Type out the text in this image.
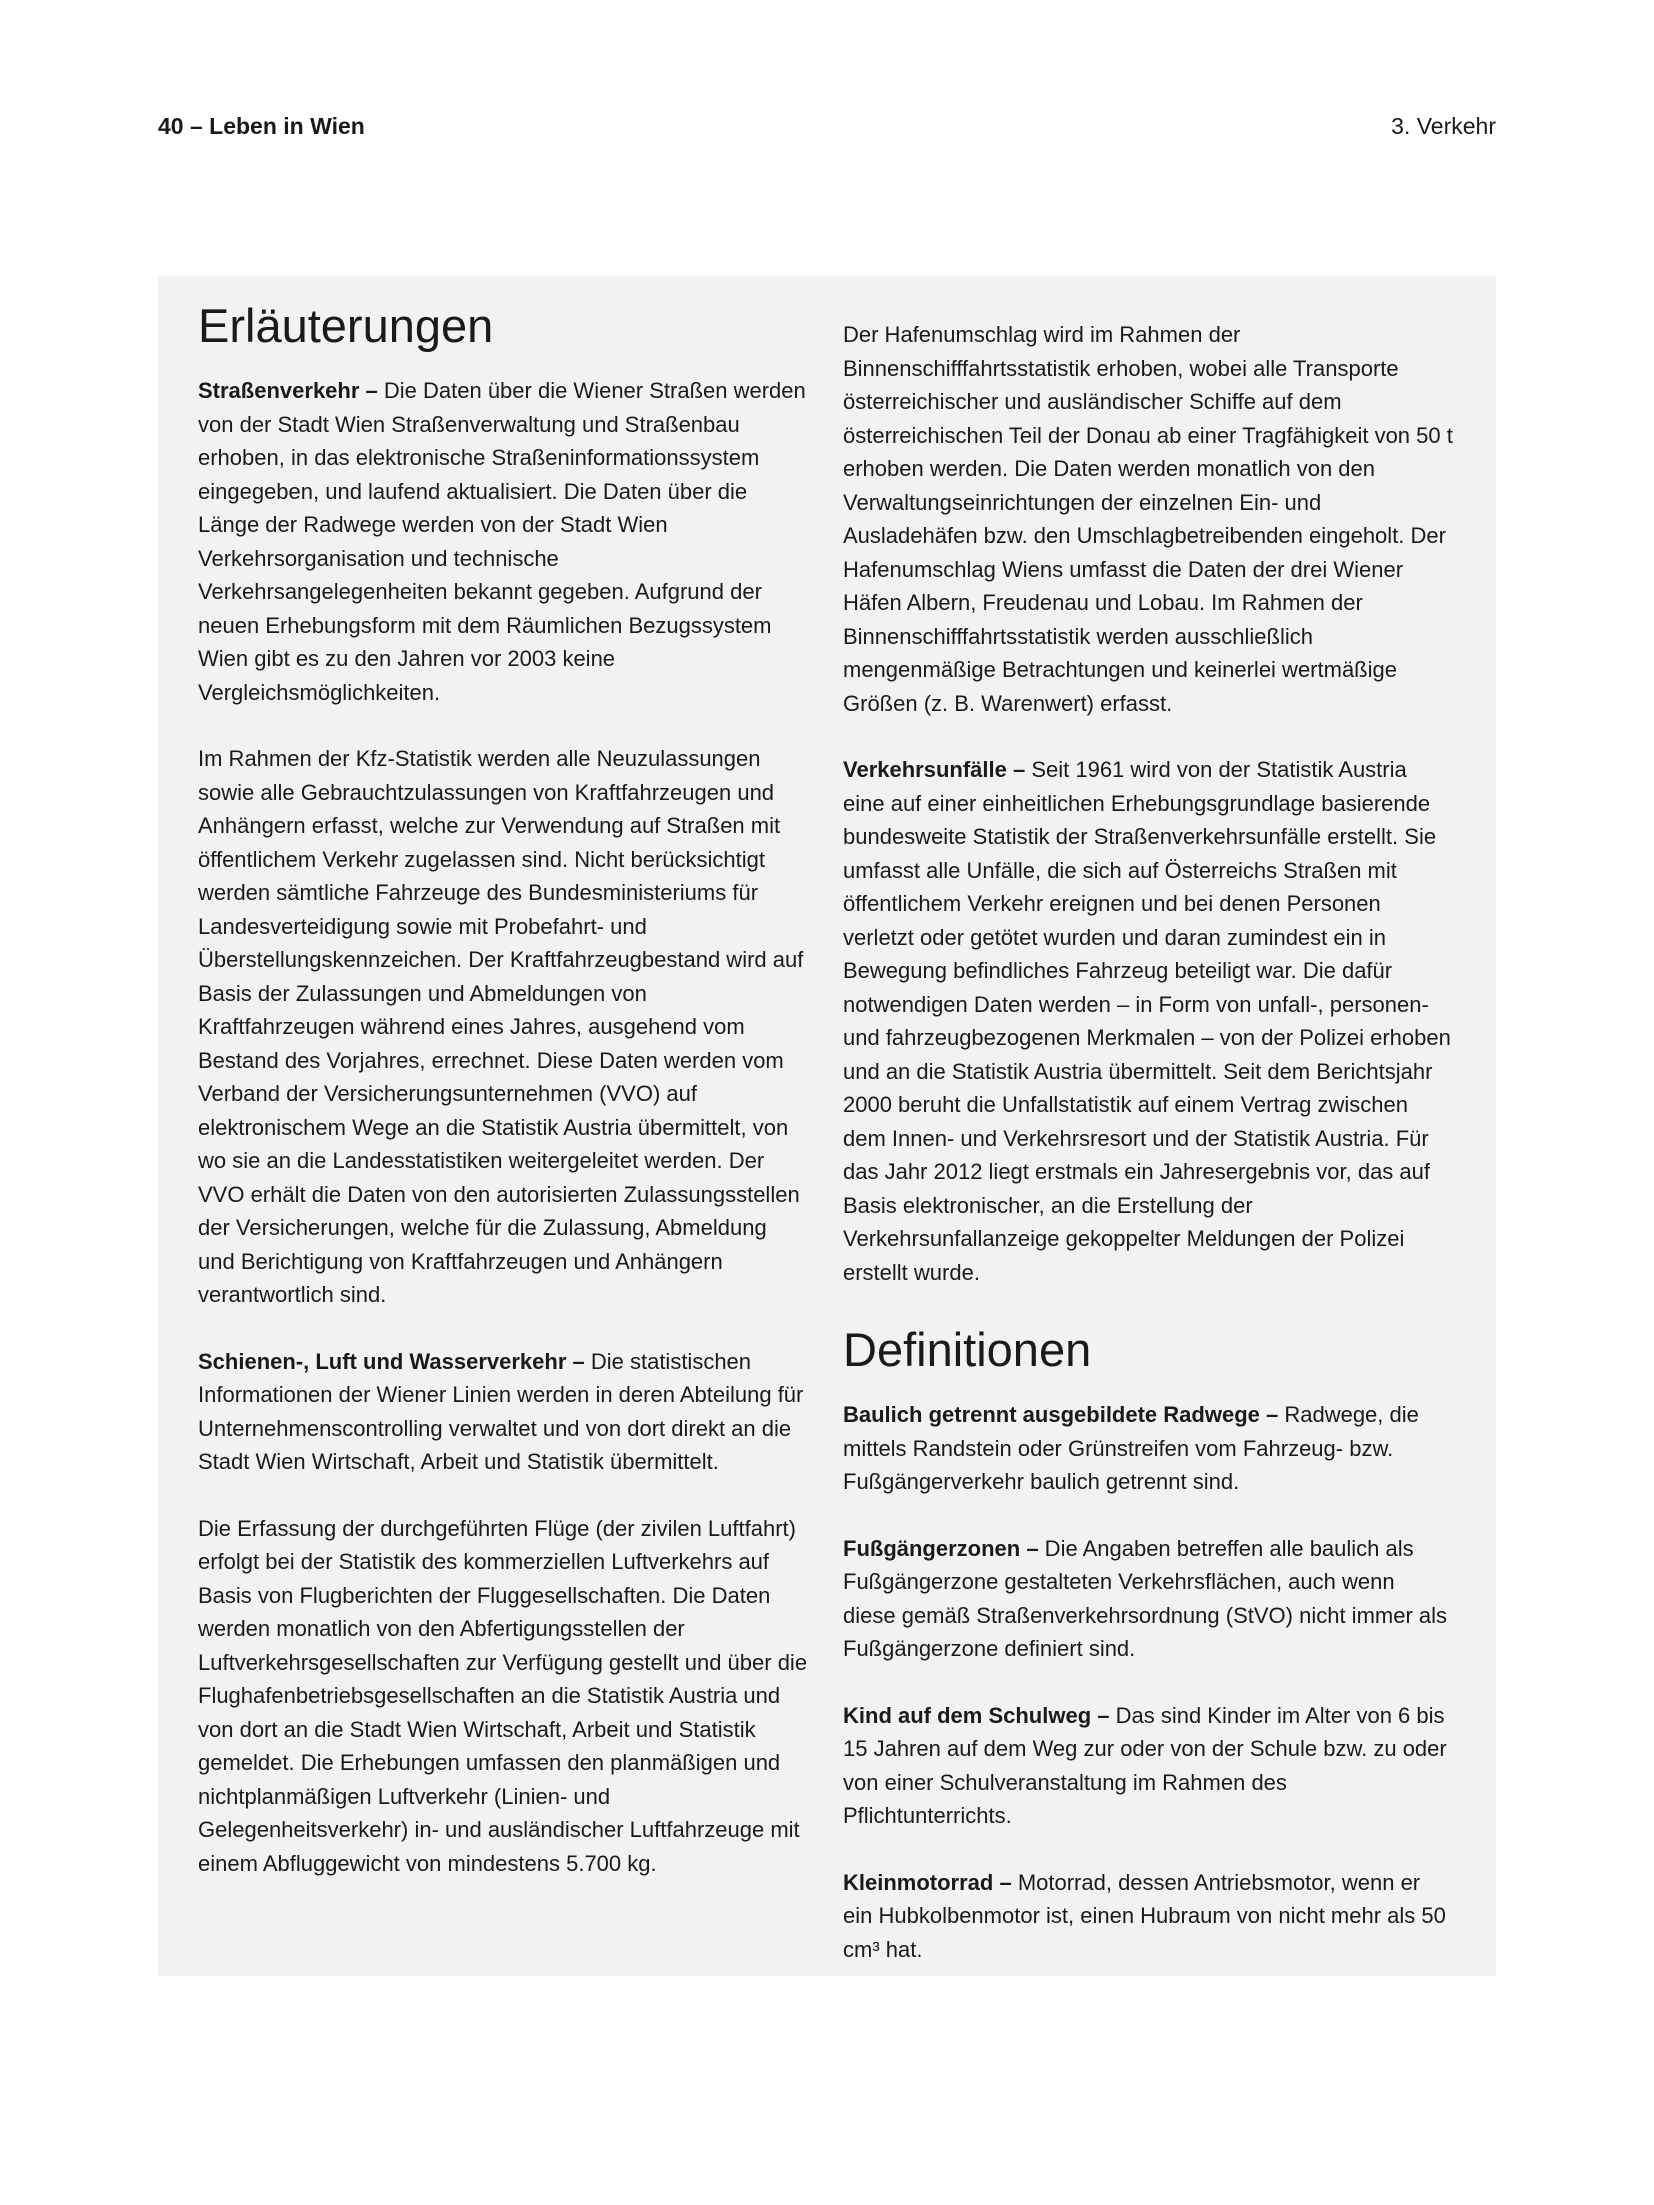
40 – Leben in Wien	3. Verkehr
Erläuterungen

Straßenverkehr – Die Daten über die Wiener Straßen werden von der Stadt Wien Straßenverwaltung und Straßenbau erhoben, in das elektronische Straßeninformationssystem eingegeben, und laufend aktualisiert. Die Daten über die Länge der Radwege werden von der Stadt Wien Verkehrsorganisation und technische Verkehrsangelegenheiten bekannt gegeben. Aufgrund der neuen Erhebungsform mit dem Räumlichen Bezugssystem Wien gibt es zu den Jahren vor 2003 keine Vergleichsmöglichkeiten.

Im Rahmen der Kfz-Statistik werden alle Neuzulassungen sowie alle Gebrauchtzulassungen von Kraftfahrzeugen und Anhängern erfasst, welche zur Verwendung auf Straßen mit öffentlichem Verkehr zugelassen sind. Nicht berücksichtigt werden sämtliche Fahrzeuge des Bundesministeriums für Landesverteidigung sowie mit Probefahrt- und Überstellungskennzeichen. Der Kraftfahrzeugbestand wird auf Basis der Zulassungen und Abmeldungen von Kraftfahrzeugen während eines Jahres, ausgehend vom Bestand des Vorjahres, errechnet. Diese Daten werden vom Verband der Versicherungsunternehmen (VVO) auf elektronischem Wege an die Statistik Austria übermittelt, von wo sie an die Landesstatistiken weitergeleitet werden. Der VVO erhält die Daten von den autorisierten Zulassungsstellen der Versicherungen, welche für die Zulassung, Abmeldung und Berichtigung von Kraftfahrzeugen und Anhängern verantwortlich sind.

Schienen-, Luft und Wasserverkehr – Die statistischen Informationen der Wiener Linien werden in deren Abteilung für Unternehmenscontrolling verwaltet und von dort direkt an die Stadt Wien Wirtschaft, Arbeit und Statistik übermittelt.

Die Erfassung der durchgeführten Flüge (der zivilen Luftfahrt) erfolgt bei der Statistik des kommerziellen Luftverkehrs auf Basis von Flugberichten der Fluggesellschaften. Die Daten werden monatlich von den Abfertigungsstellen der Luftverkehrsgesellschaften zur Verfügung gestellt und über die Flughafenbetriebsgesellschaften an die Statistik Austria und von dort an die Stadt Wien Wirtschaft, Arbeit und Statistik gemeldet. Die Erhebungen umfassen den planmäßigen und nichtplanmäßigen Luftverkehr (Linien- und Gelegenheitsverkehr) in- und ausländischer Luftfahrzeuge mit einem Abfluggewicht von mindestens 5.700 kg.

Der Hafenumschlag wird im Rahmen der Binnenschifffahrtsstatistik erhoben, wobei alle Transporte österreichischer und ausländischer Schiffe auf dem österreichischen Teil der Donau ab einer Tragfähigkeit von 50 t erhoben werden. Die Daten werden monatlich von den Verwaltungseinrichtungen der einzelnen Ein- und Ausladehäfen bzw. den Umschlagbetreibenden eingeholt. Der Hafenumschlag Wiens umfasst die Daten der drei Wiener Häfen Albern, Freudenau und Lobau. Im Rahmen der Binnenschifffahrtsstatistik werden ausschließlich mengenmäßige Betrachtungen und keinerlei wertmäßige Größen (z. B. Warenwert) erfasst.

Verkehrsunfälle – Seit 1961 wird von der Statistik Austria eine auf einer einheitlichen Erhebungsgrundlage basierende bundesweite Statistik der Straßenverkehrsunfälle erstellt. Sie umfasst alle Unfälle, die sich auf Österreichs Straßen mit öffentlichem Verkehr ereignen und bei denen Personen verletzt oder getötet wurden und daran zumindest ein in Bewegung befindliches Fahrzeug beteiligt war. Die dafür notwendigen Daten werden – in Form von unfall-, personen- und fahrzeugbezogenen Merkmalen – von der Polizei erhoben und an die Statistik Austria übermittelt. Seit dem Berichtsjahr 2000 beruht die Unfallstatistik auf einem Vertrag zwischen dem Innen- und Verkehrsresort und der Statistik Austria. Für das Jahr 2012 liegt erstmals ein Jahresergebnis vor, das auf Basis elektronischer, an die Erstellung der Verkehrsunfallanzeige gekoppelter Meldungen der Polizei erstellt wurde.

Definitionen

Baulich getrennt ausgebildete Radwege – Radwege, die mittels Randstein oder Grünstreifen vom Fahrzeug- bzw. Fußgängerverkehr baulich getrennt sind.

Fußgängerzonen – Die Angaben betreffen alle baulich als Fußgängerzone gestalteten Verkehrsflächen, auch wenn diese gemäß Straßenverkehrsordnung (StVO) nicht immer als Fußgängerzone definiert sind.

Kind auf dem Schulweg – Das sind Kinder im Alter von 6 bis 15 Jahren auf dem Weg zur oder von der Schule bzw. zu oder von einer Schulveranstaltung im Rahmen des Pflichtunterrichts.

Kleinmotorrad – Motorrad, dessen Antriebsmotor, wenn er ein Hubkolbenmotor ist, einen Hubraum von nicht mehr als 50 cm³ hat.
